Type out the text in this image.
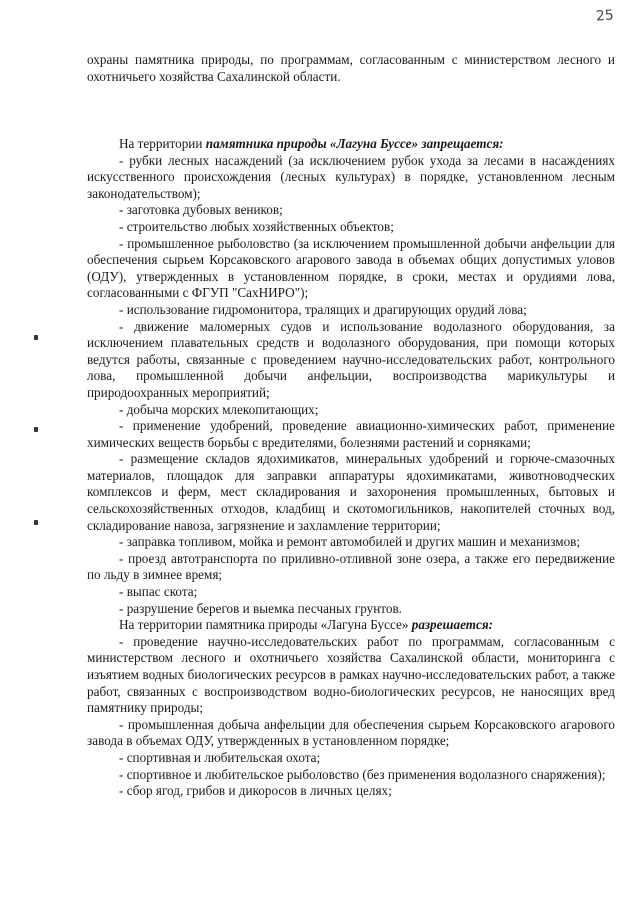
25

охраны памятника природы, по программам, согласованным с министерством лесного и охотничьего хозяйства Сахалинской области.

На территории памятника природы «Лагуна Буссе» запрещается:

- рубки лесных насаждений (за исключением рубок ухода за лесами в насаждениях искусственного происхождения (лесных культурах) в порядке, установленном лесным законодательством);

- заготовка дубовых веников;

- строительство любых хозяйственных объектов;

- промышленное рыболовство (за исключением промышленной добычи анфельции для обеспечения сырьем Корсаковского агарового завода в объемах общих допустимых уловов (ОДУ), утвержденных в установленном порядке, в сроки, местах и орудиями лова, согласованными с ФГУП "СахНИРО");

- использование гидромонитора, тралящих и драгирующих орудий лова;

- движение маломерных судов и использование водолазного оборудования, за исключением плавательных средств и водолазного оборудования, при помощи которых ведутся работы, связанные с проведением научно-исследовательских работ, контрольного лова, промышленной добычи анфельции, воспроизводства марикультуры и природоохранных мероприятий;

- добыча морских млекопитающих;

- применение удобрений, проведение авиационно-химических работ, применение химических веществ борьбы с вредителями, болезнями растений и сорняками;

- размещение складов ядохимикатов, минеральных удобрений и горюче-смазочных материалов, площадок для заправки аппаратуры ядохимикатами, животноводческих комплексов и ферм, мест складирования и захоронения промышленных, бытовых и сельскохозяйственных отходов, кладбищ и скотомогильников, накопителей сточных вод, складирование навоза, загрязнение и захламление территории;

- заправка топливом, мойка и ремонт автомобилей и других машин и механизмов;

- проезд автотранспорта по приливно-отливной зоне озера, а также его передвижение по льду в зимнее время;

- выпас скота;

- разрушение берегов и выемка песчаных грунтов.

На территории памятника природы «Лагуна Буссе» разрешается:

- проведение научно-исследовательских работ по программам, согласованным с министерством лесного и охотничьего хозяйства Сахалинской области, мониторинга с изъятием водных биологических ресурсов в рамках научно-исследовательских работ, а также работ, связанных с воспроизводством водно-биологических ресурсов, не наносящих вред памятнику природы;

- промышленная добыча анфельции для обеспечения сырьем Корсаковского агарового завода в объемах ОДУ, утвержденных в установленном порядке;

- спортивная и любительская охота;

- спортивное и любительское рыболовство (без применения водолазного снаряжения);

- сбор ягод, грибов и дикоросов в личных целях;
